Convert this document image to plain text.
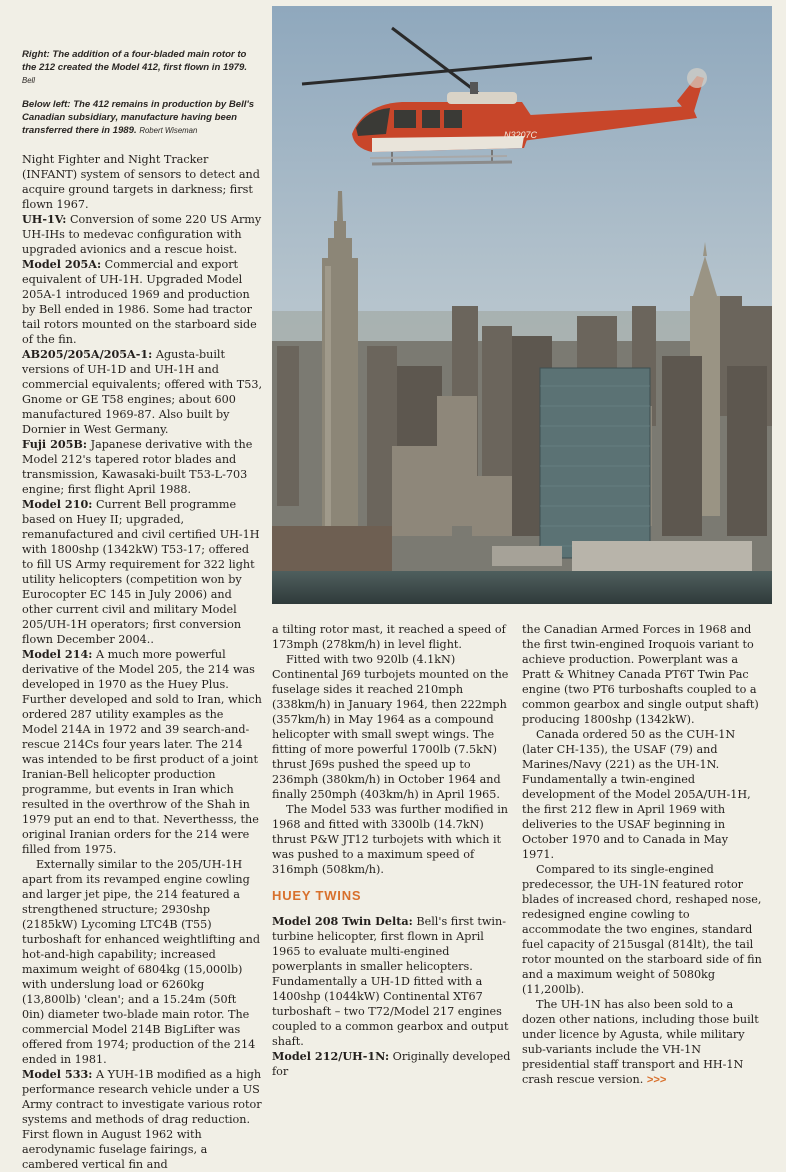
Right: The addition of a four-bladed main rotor to the 212 created the Model 412, first flown in 1979. Bell

Below left: The 412 remains in production by Bell's Canadian subsidiary, manufacture having been transferred there in 1989. Robert Wiseman	N3207C

Night Fighter and Night Tracker (INFANT) system of sensors to detect and acquire ground targets in darkness; first flown 1967.

UH-1V: Conversion of some 220 US Army UH-IHs to medevac configuration with upgraded avionics and a rescue hoist.

Model 205A: Commercial and export equivalent of UH-1H. Upgraded Model 205A-1 introduced 1969 and production by Bell ended in 1986. Some had tractor tail rotors mounted on the starboard side of the fin.

AB205/205A/205A-1: Agusta-built versions of UH-1D and UH-1H and commercial equivalents; offered with T53, Gnome or GE T58 engines; about 600 manufactured 1969-87. Also built by Dornier in West Germany.

Fuji 205B: Japanese derivative with the Model 212's tapered rotor blades and transmission, Kawasaki-built T53-L-703 engine; first flight April 1988.

Model 210: Current Bell programme based on Huey II; upgraded, remanufactured and civil certified UH-1H with 1800shp (1342kW) T53-17; offered to fill US Army requirement for 322 light utility helicopters (competition won by Eurocopter EC 145 in July 2006) and other current civil and military Model 205/UH-1H operators; first conversion flown December 2004..

Model 214: A much more powerful derivative of the Model 205, the 214 was developed in 1970 as the Huey Plus. Further developed and sold to Iran, which ordered 287 utility examples as the Model 214A in 1972 and 39 search-and-rescue 214Cs four years later. The 214 was intended to be first product of a joint Iranian-Bell helicopter production programme, but events in Iran which resulted in the overthrow of the Shah in 1979 put an end to that. Neverthesss, the original Iranian orders for the 214 were filled from 1975.

Externally similar to the 205/UH-1H apart from its revamped engine cowling and larger jet pipe, the 214 featured a strengthened structure; 2930shp (2185kW) Lycoming LTC4B (T55) turboshaft for enhanced weightlifting and hot-and-high capability; increased maximum weight of 6804kg (15,000lb) with underslung load or 6260kg (13,800lb) 'clean'; and a 15.24m (50ft 0in) diameter two-blade main rotor. The commercial Model 214B BigLifter was offered from 1974; production of the 214 ended in 1981.

Model 533: A YUH-1B modified as a high performance research vehicle under a US Army contract to investigate various rotor systems and methods of drag reduction. First flown in August 1962 with aerodynamic fuselage fairings, a cambered vertical fin and

a tilting rotor mast, it reached a speed of 173mph (278km/h) in level flight.

Fitted with two 920lb (4.1kN) Continental J69 turbojets mounted on the fuselage sides it reached 210mph (338km/h) in January 1964, then 222mph (357km/h) in May 1964 as a compound helicopter with small swept wings. The fitting of more powerful 1700lb (7.5kN) thrust J69s pushed the speed up to 236mph (380km/h) in October 1964 and finally 250mph (403km/h) in April 1965.

The Model 533 was further modified in 1968 and fitted with 3300lb (14.7kN) thrust P&W JT12 turbojets with which it was pushed to a maximum speed of 316mph (508km/h).

HUEY TWINS

Model 208 Twin Delta: Bell's first twin-turbine helicopter, first flown in April 1965 to evaluate multi-engined powerplants in smaller helicopters. Fundamentally a UH-1D fitted with a 1400shp (1044kW) Continental XT67 turboshaft – two T72/Model 217 engines coupled to a common gearbox and output shaft.

Model 212/UH-1N: Originally developed for

the Canadian Armed Forces in 1968 and the first twin-engined Iroquois variant to achieve production. Powerplant was a Pratt & Whitney Canada PT6T Twin Pac engine (two PT6 turboshafts coupled to a common gearbox and single output shaft) producing 1800shp (1342kW).

Canada ordered 50 as the CUH-1N (later CH-135), the USAF (79) and Marines/Navy (221) as the UH-1N. Fundamentally a twin-engined development of the Model 205A/UH-1H, the first 212 flew in April 1969 with deliveries to the USAF beginning in October 1970 and to Canada in May 1971.

Compared to its single-engined predecessor, the UH-1N featured rotor blades of increased chord, reshaped nose, redesigned engine cowling to accommodate the two engines, standard fuel capacity of 215usgal (814lt), the tail rotor mounted on the starboard side of fin and a maximum weight of 5080kg (11,200lb).

The UH-1N has also been sold to a dozen other nations, including those built under licence by Agusta, while military sub-variants include the VH-1N presidential staff transport and HH-1N crash rescue version. >>>
